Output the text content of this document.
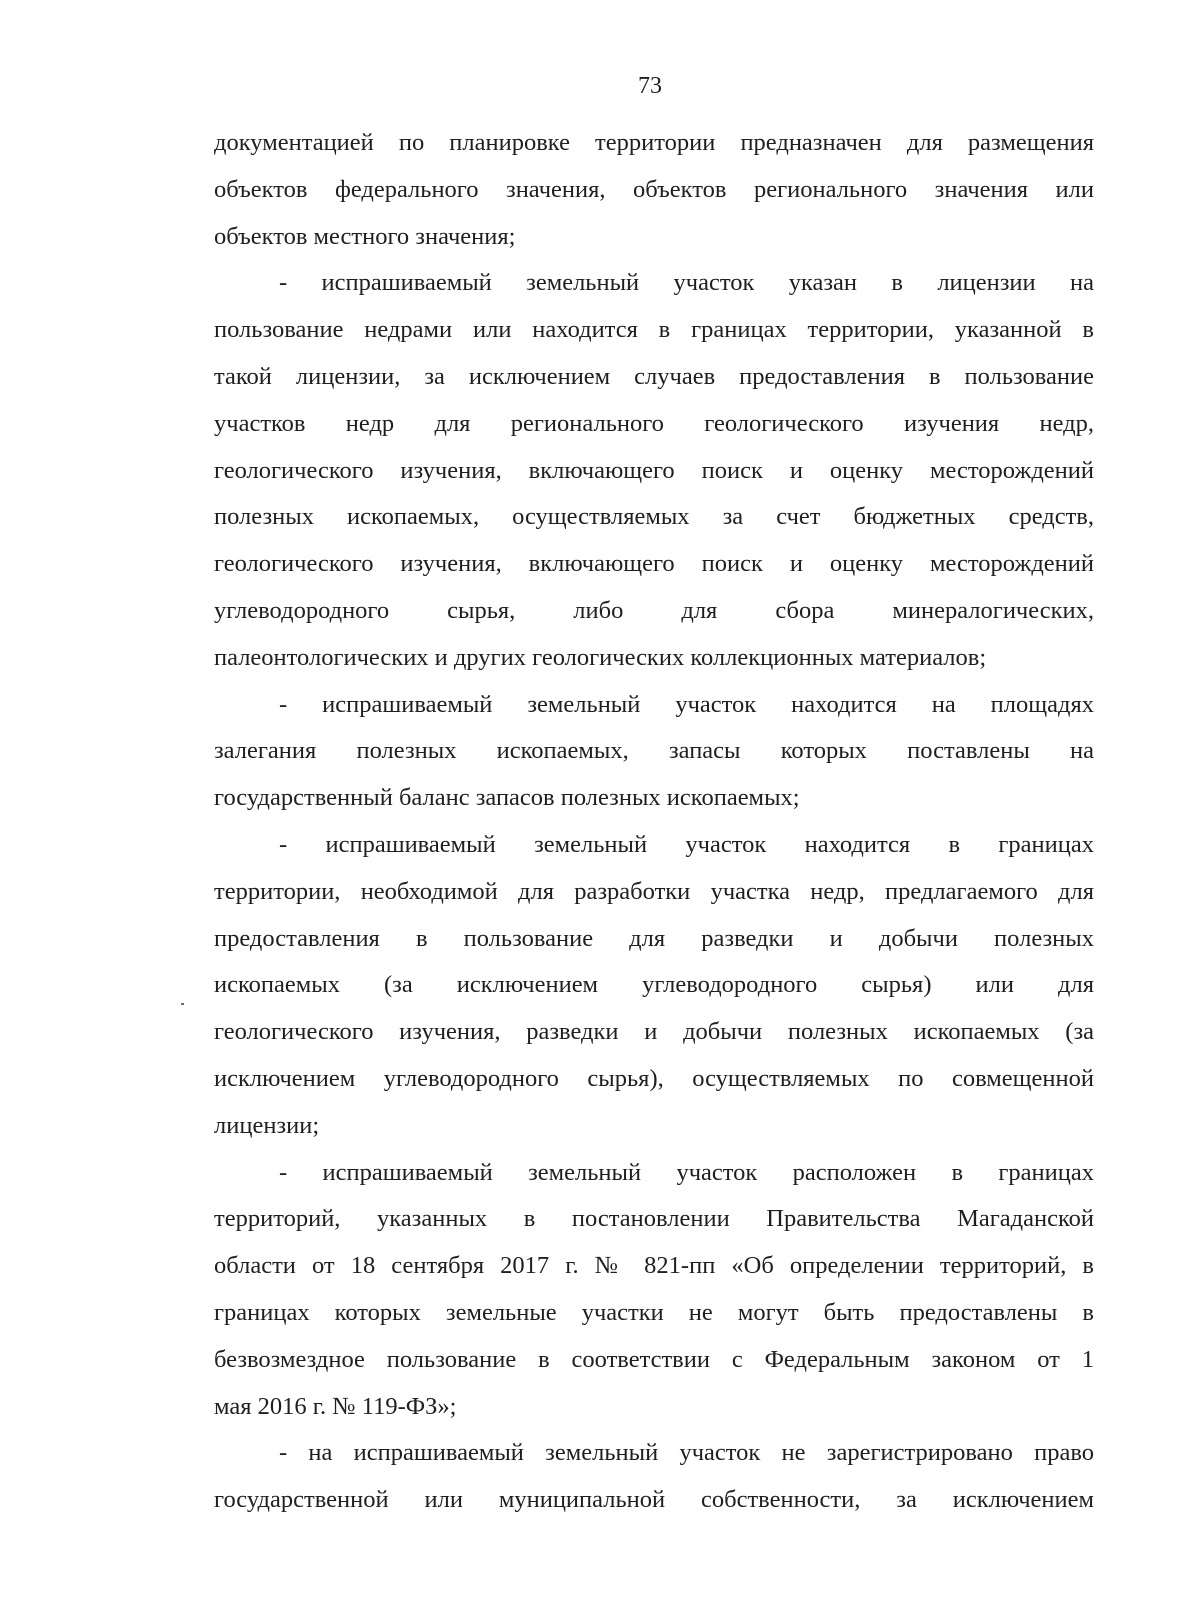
73
документацией по планировке территории предназначен для размещения
объектов федерального значения, объектов регионального значения или
объектов местного значения;
- испрашиваемый земельный участок указан в лицензии на
пользование недрами или находится в границах территории, указанной в
такой лицензии, за исключением случаев предоставления в пользование
участков недр для регионального геологического изучения недр,
геологического изучения, включающего поиск и оценку месторождений
полезных ископаемых, осуществляемых за счет бюджетных средств,
геологического изучения, включающего поиск и оценку месторождений
углеводородного сырья, либо для сбора минералогических,
палеонтологических и других геологических коллекционных материалов;
- испрашиваемый земельный участок находится на площадях
залегания полезных ископаемых, запасы которых поставлены на
государственный баланс запасов полезных ископаемых;
- испрашиваемый земельный участок находится в границах
территории, необходимой для разработки участка недр, предлагаемого для
предоставления в пользование для разведки и добычи полезных
ископаемых (за исключением углеводородного сырья) или для
геологического изучения, разведки и добычи полезных ископаемых (за
исключением углеводородного сырья), осуществляемых по совмещенной
лицензии;
- испрашиваемый земельный участок расположен в границах
территорий, указанных в постановлении Правительства Магаданской
области от 18 сентября 2017 г. № 821-пп «Об определении территорий, в
границах которых земельные участки не могут быть предоставлены в
безвозмездное пользование в соответствии с Федеральным законом от 1
мая 2016 г. № 119-ФЗ»;
- на испрашиваемый земельный участок не зарегистрировано право
государственной или муниципальной собственности, за исключением
